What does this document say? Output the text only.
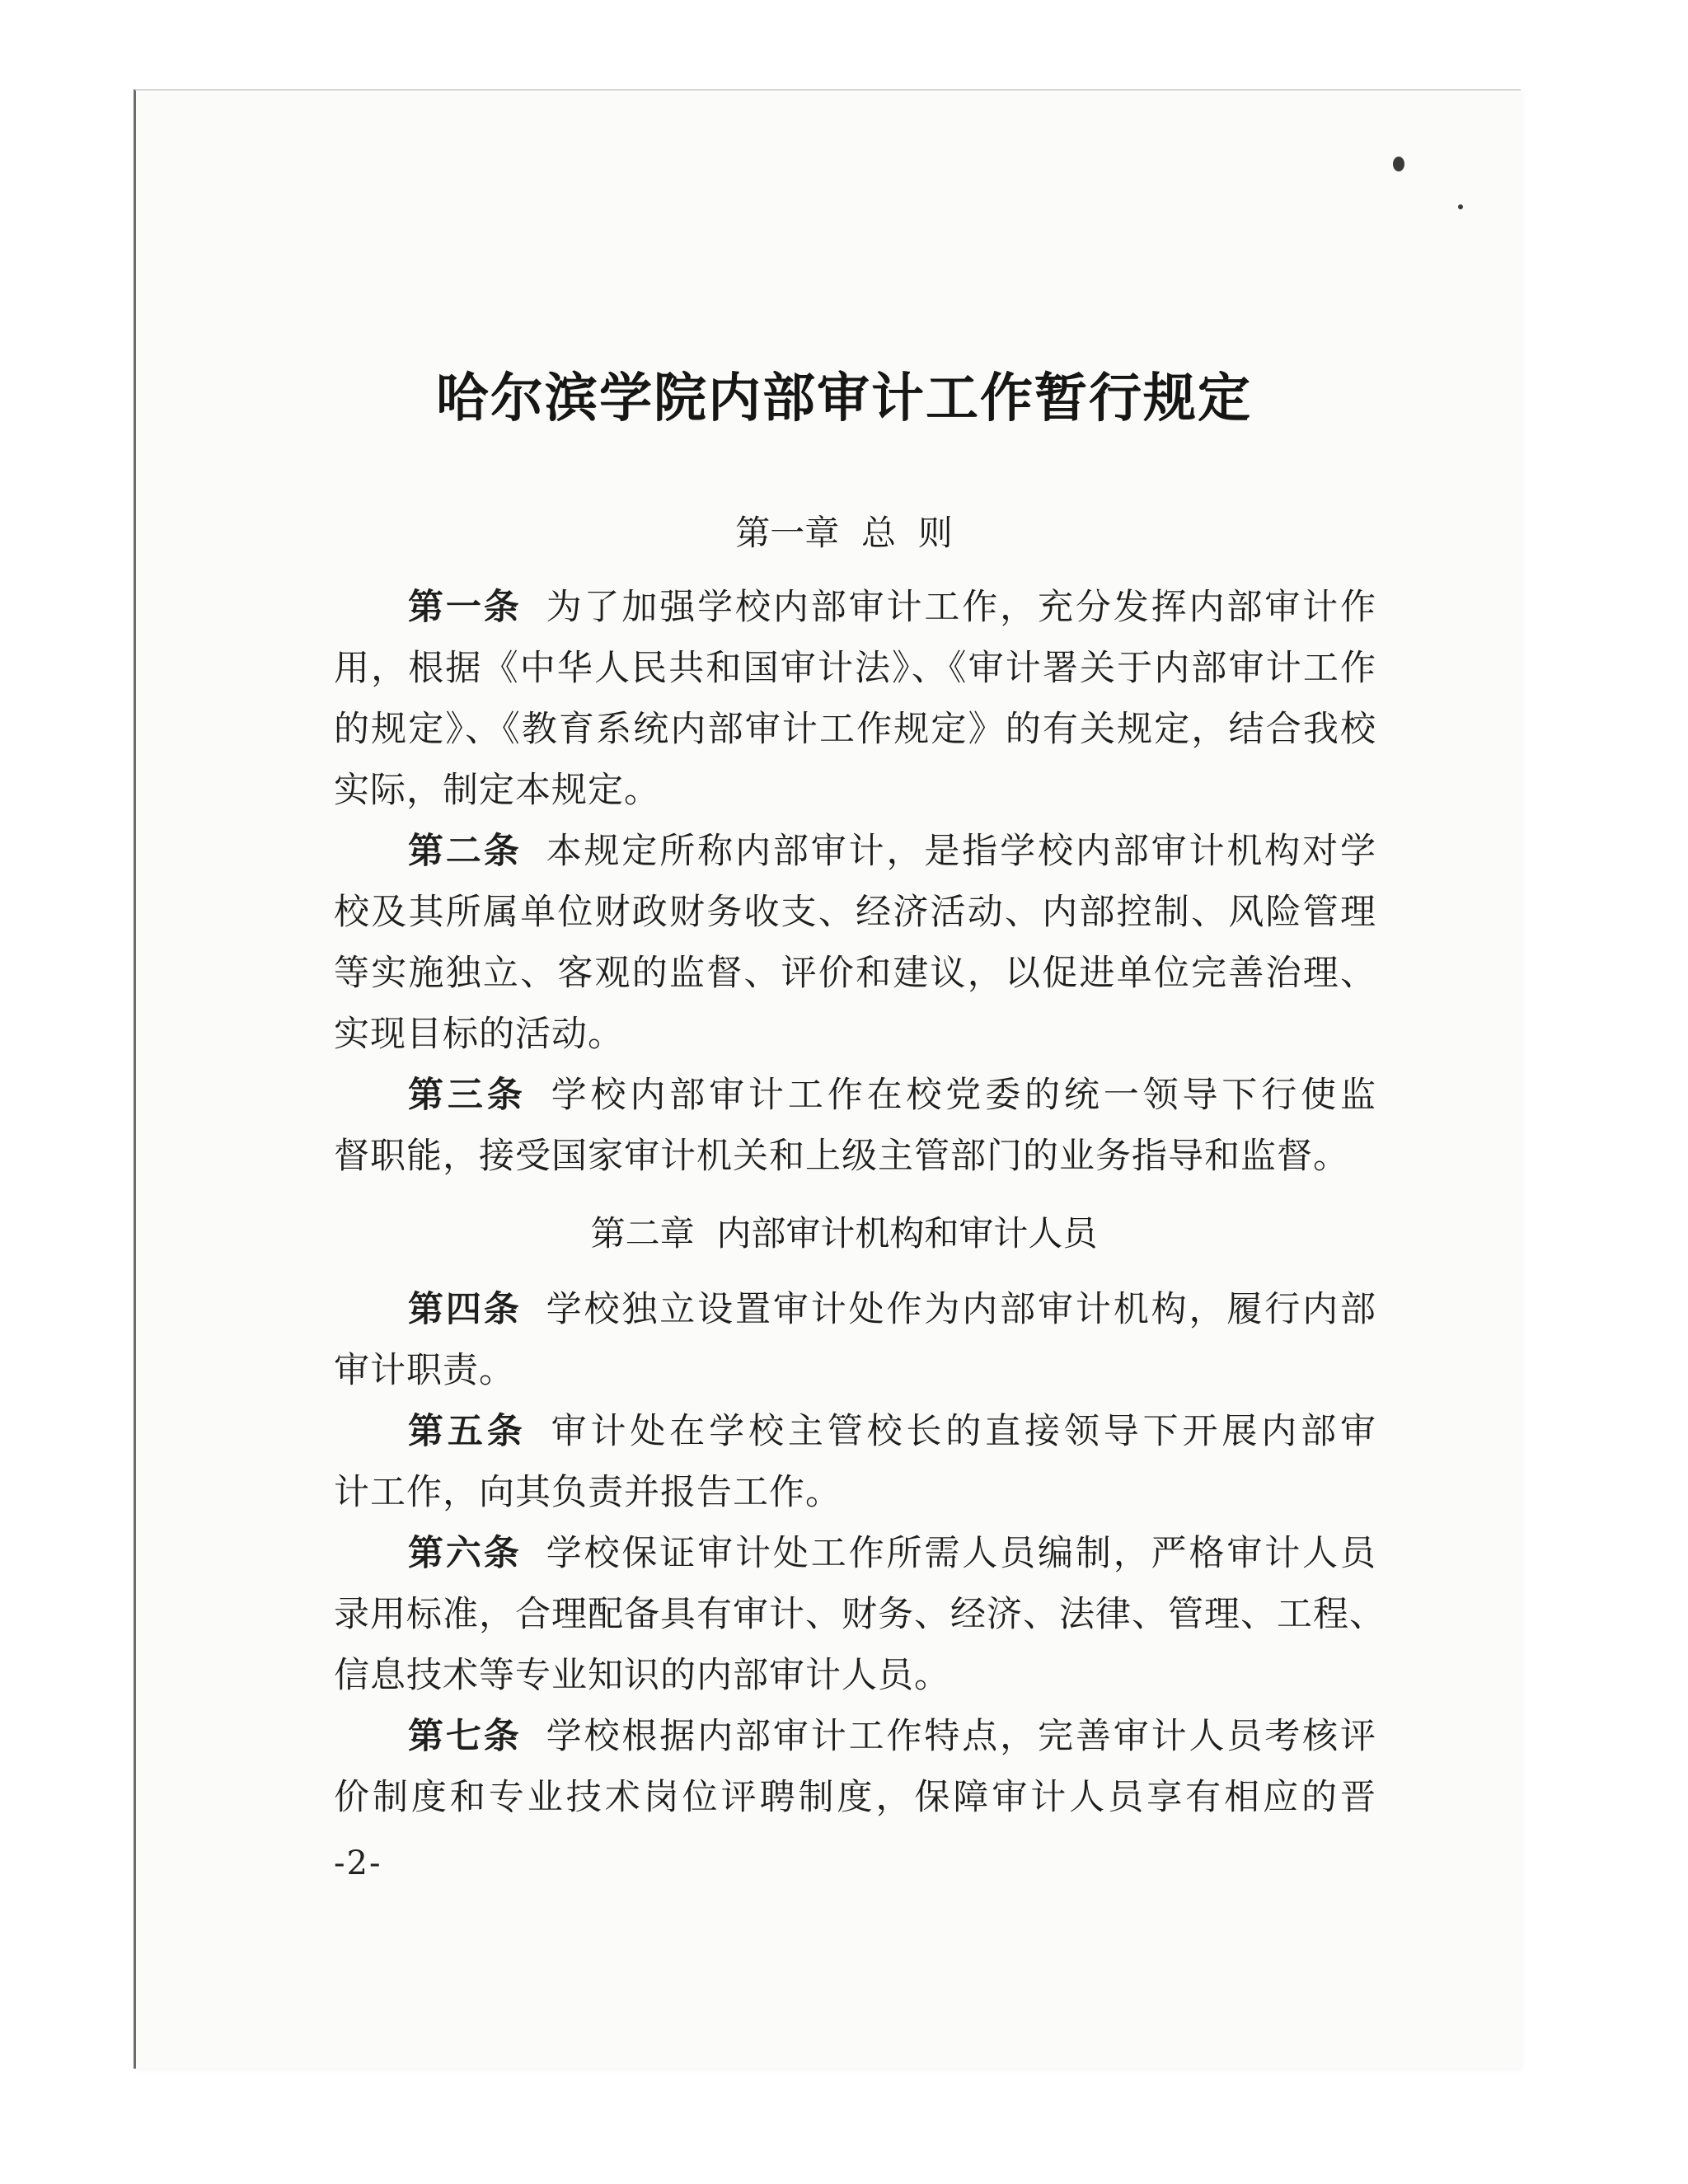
哈尔滨学院内部审计工作暂行规定
第一章  总  则
第一条 为了加强学校内部审计工作，充分发挥内部审计作
用，根据《中华人民共和国审计法》、《审计署关于内部审计工作
的规定》、《教育系统内部审计工作规定》的有关规定，结合我校
实际，制定本规定。
第二条 本规定所称内部审计，是指学校内部审计机构对学
校及其所属单位财政财务收支、经济活动、内部控制、风险管理
等实施独立、客观的监督、评价和建议，以促进单位完善治理、
实现目标的活动。
第三条 学校内部审计工作在校党委的统一领导下行使监
督职能，接受国家审计机关和上级主管部门的业务指导和监督。
第二章  内部审计机构和审计人员
第四条 学校独立设置审计处作为内部审计机构，履行内部
审计职责。
第五条 审计处在学校主管校长的直接领导下开展内部审
计工作，向其负责并报告工作。
第六条 学校保证审计处工作所需人员编制，严格审计人员
录用标准，合理配备具有审计、财务、经济、法律、管理、工程、
信息技术等专业知识的内部审计人员。
第七条 学校根据内部审计工作特点，完善审计人员考核评
价制度和专业技术岗位评聘制度，保障审计人员享有相应的晋
-2-
